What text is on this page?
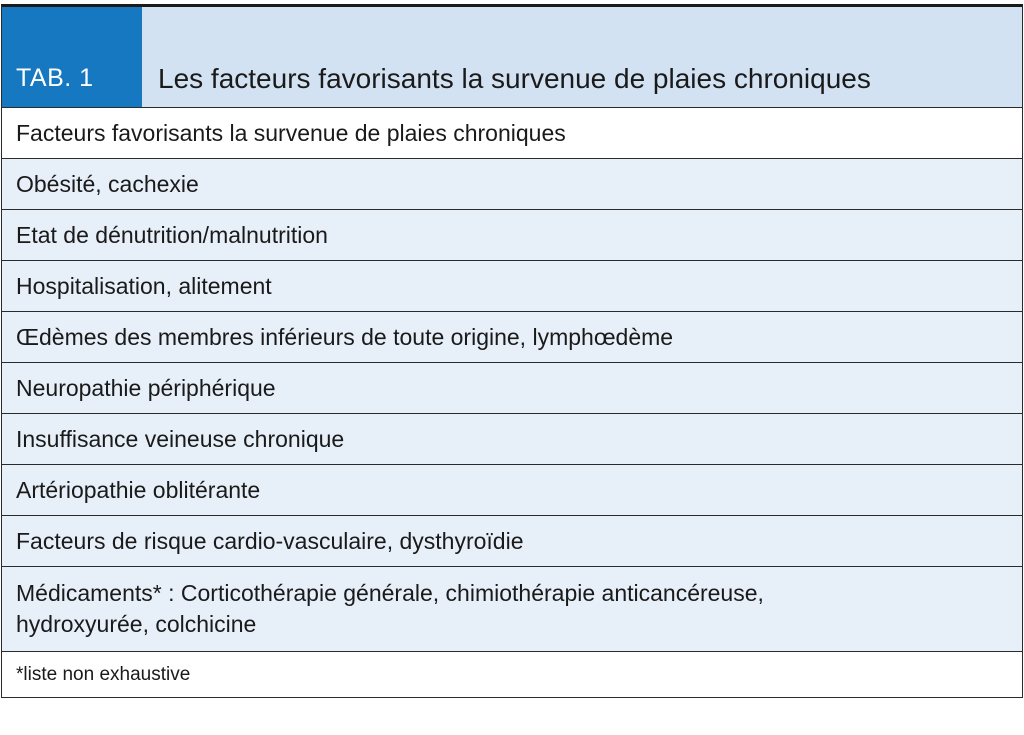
TAB. 1	Les facteurs favorisants la survenue de plaies chroniques
Facteurs favorisants la survenue de plaies chroniques
Obésité, cachexie
Etat de dénutrition/malnutrition
Hospitalisation, alitement
Œdèmes des membres inférieurs de toute origine, lymphœdème
Neuropathie périphérique
Insuffisance veineuse chronique
Artériopathie oblitérante
Facteurs de risque cardio-vasculaire, dysthyroïdie
Médicaments* : Corticothérapie générale, chimiothérapie anticancéreuse,
hydroxyurée, colchicine
*liste non exhaustive
